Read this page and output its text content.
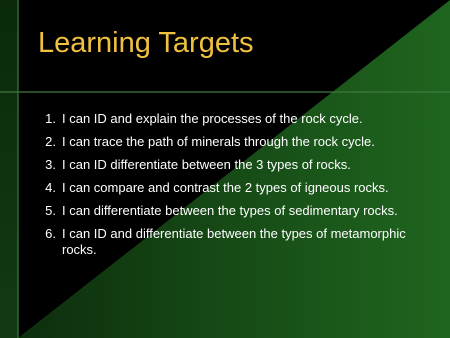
Learning Targets
1. I can ID and explain the processes of the rock cycle.
2. I can trace the path of minerals through the rock cycle.
3. I can ID differentiate between the 3 types of rocks.
4. I can compare and contrast the 2 types of igneous rocks.
5. I can differentiate between the types of sedimentary rocks.
6. I can ID and differentiate between the types of metamorphic rocks.
